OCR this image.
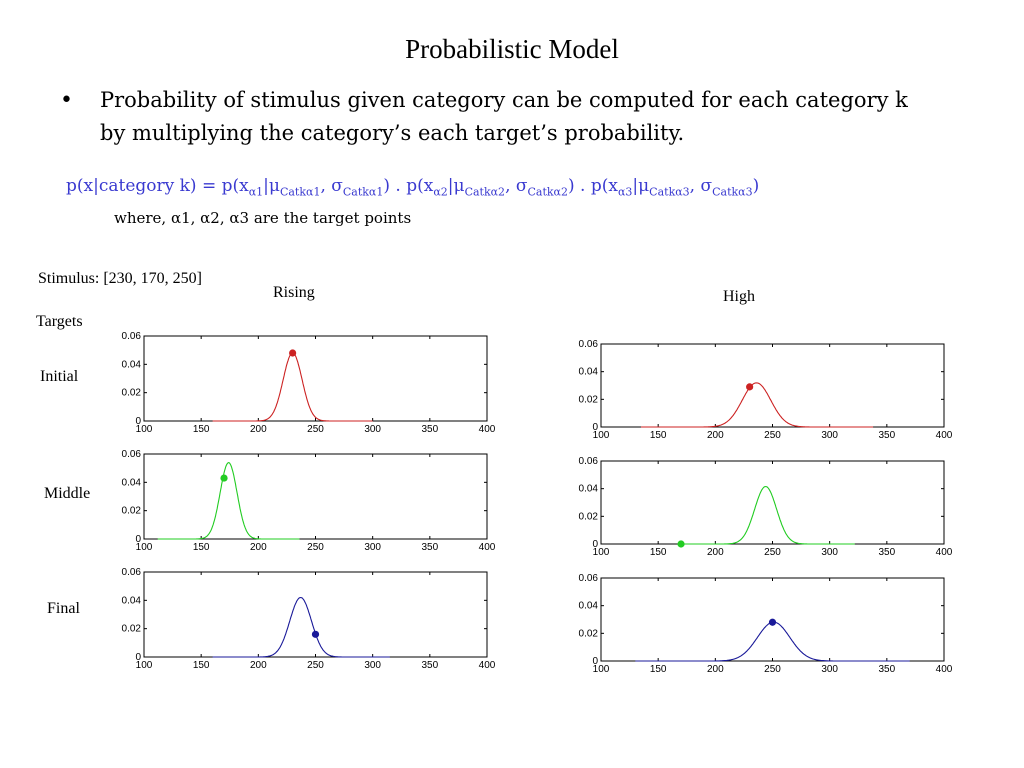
Probabilistic Model
• Probability of stimulus given category can be computed for each category k by multiplying the category’s each target’s probability.
p(x|category $k) = p(x_{\alpha 1}|\mu_{Catk\alpha 1}$, $\sigma_{Catk\alpha 1}$) . $p(x_{\alpha 2}|\mu_{Catk\alpha 2}$, $\sigma_{Catk\alpha 2}$) . $p(x_{\alpha 3}|\mu_{Catk\alpha 3}$, $\sigma_{Catk\alpha 3}$)
where, α1, α2, α3 are the target points
Stimulus: [230, 170, 250]
Targets
Initial
Middle
Final
Rising	High
100	150	200	250	300	350	400
0
0.02
0.04
0.06
100	150	200	250	300	350	400
0
0.02
0.04
0.06
100	150	200	250	300	350	400
0
0.02
0.04
0.06
100	150	200	250	300	350	400
0
0.02
0.04
0.06
100	150	200	250	300	350	400
0
0.02
0.04
0.06
100	150	200	250	300	350	400
0
0.02
0.04
0.06
